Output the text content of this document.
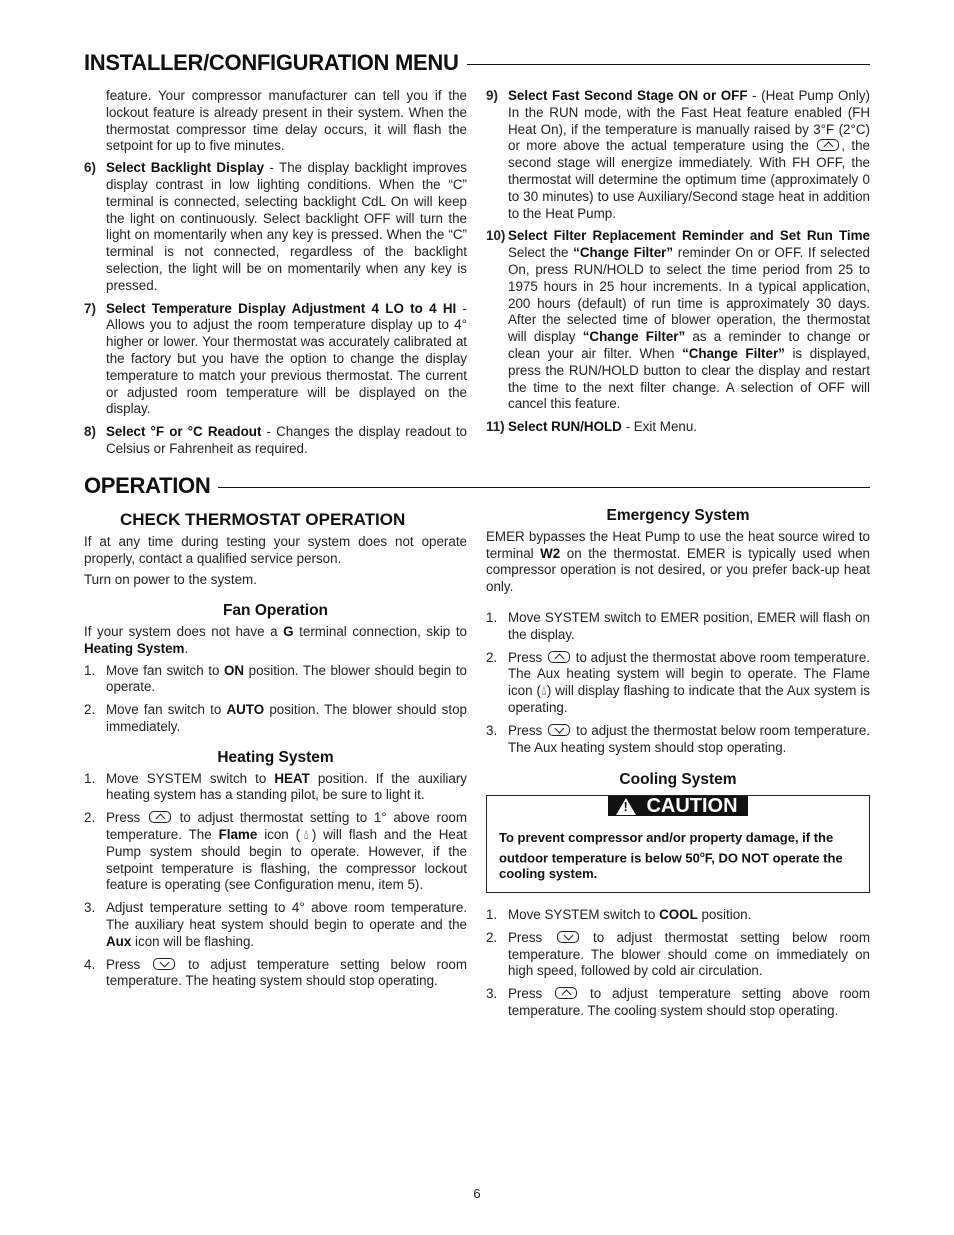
INSTALLER/CONFIGURATION MENU

feature. Your compressor manufacturer can tell you if the lockout feature is already present in their system. When the thermostat compressor time delay occurs, it will flash the setpoint for up to five minutes.

6) Select Backlight Display - The display backlight improves display contrast in low lighting conditions. When the “C” terminal is connected, selecting backlight CdL On will keep the light on continuously. Select backlight OFF will turn the light on momentarily when any key is pressed. When the “C” terminal is not connected, regardless of the backlight selection, the light will be on momentarily when any key is pressed.
7) Select Temperature Display Adjustment 4 LO to 4 HI - Allows you to adjust the room temperature display up to 4° higher or lower. Your thermostat was accurately calibrated at the factory but you have the option to change the display temperature to match your previous thermostat. The current or adjusted room temperature will be displayed on the display.
8) Select °F or °C Readout - Changes the display readout to Celsius or Fahrenheit as required.
9) Select Fast Second Stage ON or OFF - (Heat Pump Only) In the RUN mode, with the Fast Heat feature enabled (FH Heat On), if the temperature is manually raised by 3°F (2°C) or more above the actual temperature using the , the second stage will energize immediately. With FH OFF, the thermostat will determine the optimum time (approximately 0 to 30 minutes) to use Auxiliary/Second stage heat in addition to the Heat Pump.
10) Select Filter Replacement Reminder and Set Run Time Select the “Change Filter” reminder On or OFF. If selected On, press RUN/HOLD to select the time period from 25 to 1975 hours in 25 hour increments. In a typical application, 200 hours (default) of run time is approximately 30 days. After the selected time of blower operation, the thermostat will display “Change Filter” as a reminder to change or clean your air filter. When “Change Filter” is displayed, press the RUN/HOLD button to clear the display and restart the time to the next filter change. A selection of OFF will cancel this feature.
11) Select RUN/HOLD - Exit Menu.
OPERATION
CHECK THERMOSTAT OPERATION

If at any time during testing your system does not operate properly, contact a qualified service person.

Turn on power to the system.

Fan Operation

If your system does not have a G terminal connection, skip to Heating System.

1. Move fan switch to ON position. The blower should begin to operate.
2. Move fan switch to AUTO position. The blower should stop immediately.
Heating System
1. Move SYSTEM switch to HEAT position. If the auxiliary heating system has a standing pilot, be sure to light it.
2. Press  to adjust thermostat setting to 1° above room temperature. The Flame icon (💧︎) will flash and the Heat Pump system should begin to operate. However, if the setpoint temperature is flashing, the compressor lockout feature is operating (see Configuration menu, item 5).
3. Adjust temperature setting to 4° above room temperature. The auxiliary heat system should begin to operate and the Aux icon will be flashing.
4. Press  to adjust temperature setting below room temperature. The heating system should stop operating.
Emergency System

EMER bypasses the Heat Pump to use the heat source wired to terminal W2 on the thermostat. EMER is typically used when compressor operation is not desired, or you prefer back-up heat only.

1. Move SYSTEM switch to EMER position, EMER will flash on the display.
2. Press  to adjust the thermostat above room temperature. The Aux heating system will begin to operate. The Flame icon (💧︎) will display flashing to indicate that the Aux system is operating.
3. Press  to adjust the thermostat below room temperature. The Aux heating system should stop operating.
Cooling System
!
CAUTION
To prevent compressor and/or property damage, if the outdoor temperature is below 50$^o$F, DO NOT operate the cooling system.
1. Move SYSTEM switch to COOL position.
2. Press  to adjust thermostat setting below room temperature. The blower should come on immediately on high speed, followed by cold air circulation.
3. Press  to adjust temperature setting above room temperature. The cooling system should stop operating.
6
